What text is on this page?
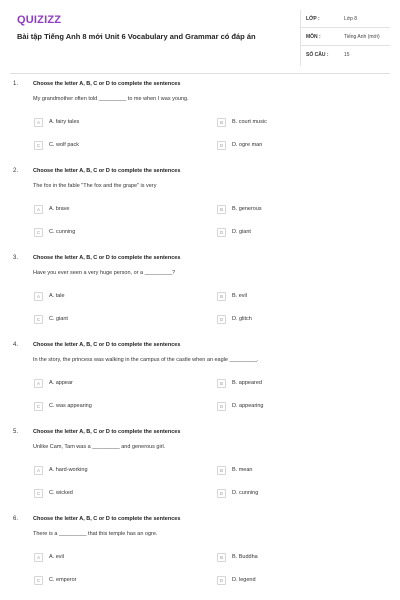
QUIZIZZ
Bài tập Tiếng Anh 8 mới Unit 6 Vocabulary and Grammar có đáp án
LỚP :	Lớp 8
MÔN :	Tiếng Anh (mới)
SỐ CÂU :	15
1.	Choose the letter A, B, C or D to complete the sentences
My grandmother often told _________ to me when I was young.
A	A. fairy tales	B	B. court music
C	C. wolf pack	D	D. ogre man
2.	Choose the letter A, B, C or D to complete the sentences
The fox in the fable "The fox and the grape" is very
A	A. brave	B	B. generous
C	C. cunning	D	D. giant
3.	Choose the letter A, B, C or D to complete the sentences
Have you ever seen a very huge person, or a _________?
A	A. tale	B	B. evil
C	C. giant	D	D. glitch
4.	Choose the letter A, B, C or D to complete the sentences
In the story, the princess was walking in the campus of the castle when an eagle _________.
A	A. appear	B	B. appeared
C	C. was appearing	D	D. appearing
5.	Choose the letter A, B, C or D to complete the sentences
Unlike Cam, Tam was a _________ and generous girl.
A	A. hard-working	B	B. mean
C	C. wicked	D	D. cunning
6.	Choose the letter A, B, C or D to complete the sentences
There is a _________ that this temple has an ogre.
A	A. evil	B	B. Buddha
C	C. emperor	D	D. legend
